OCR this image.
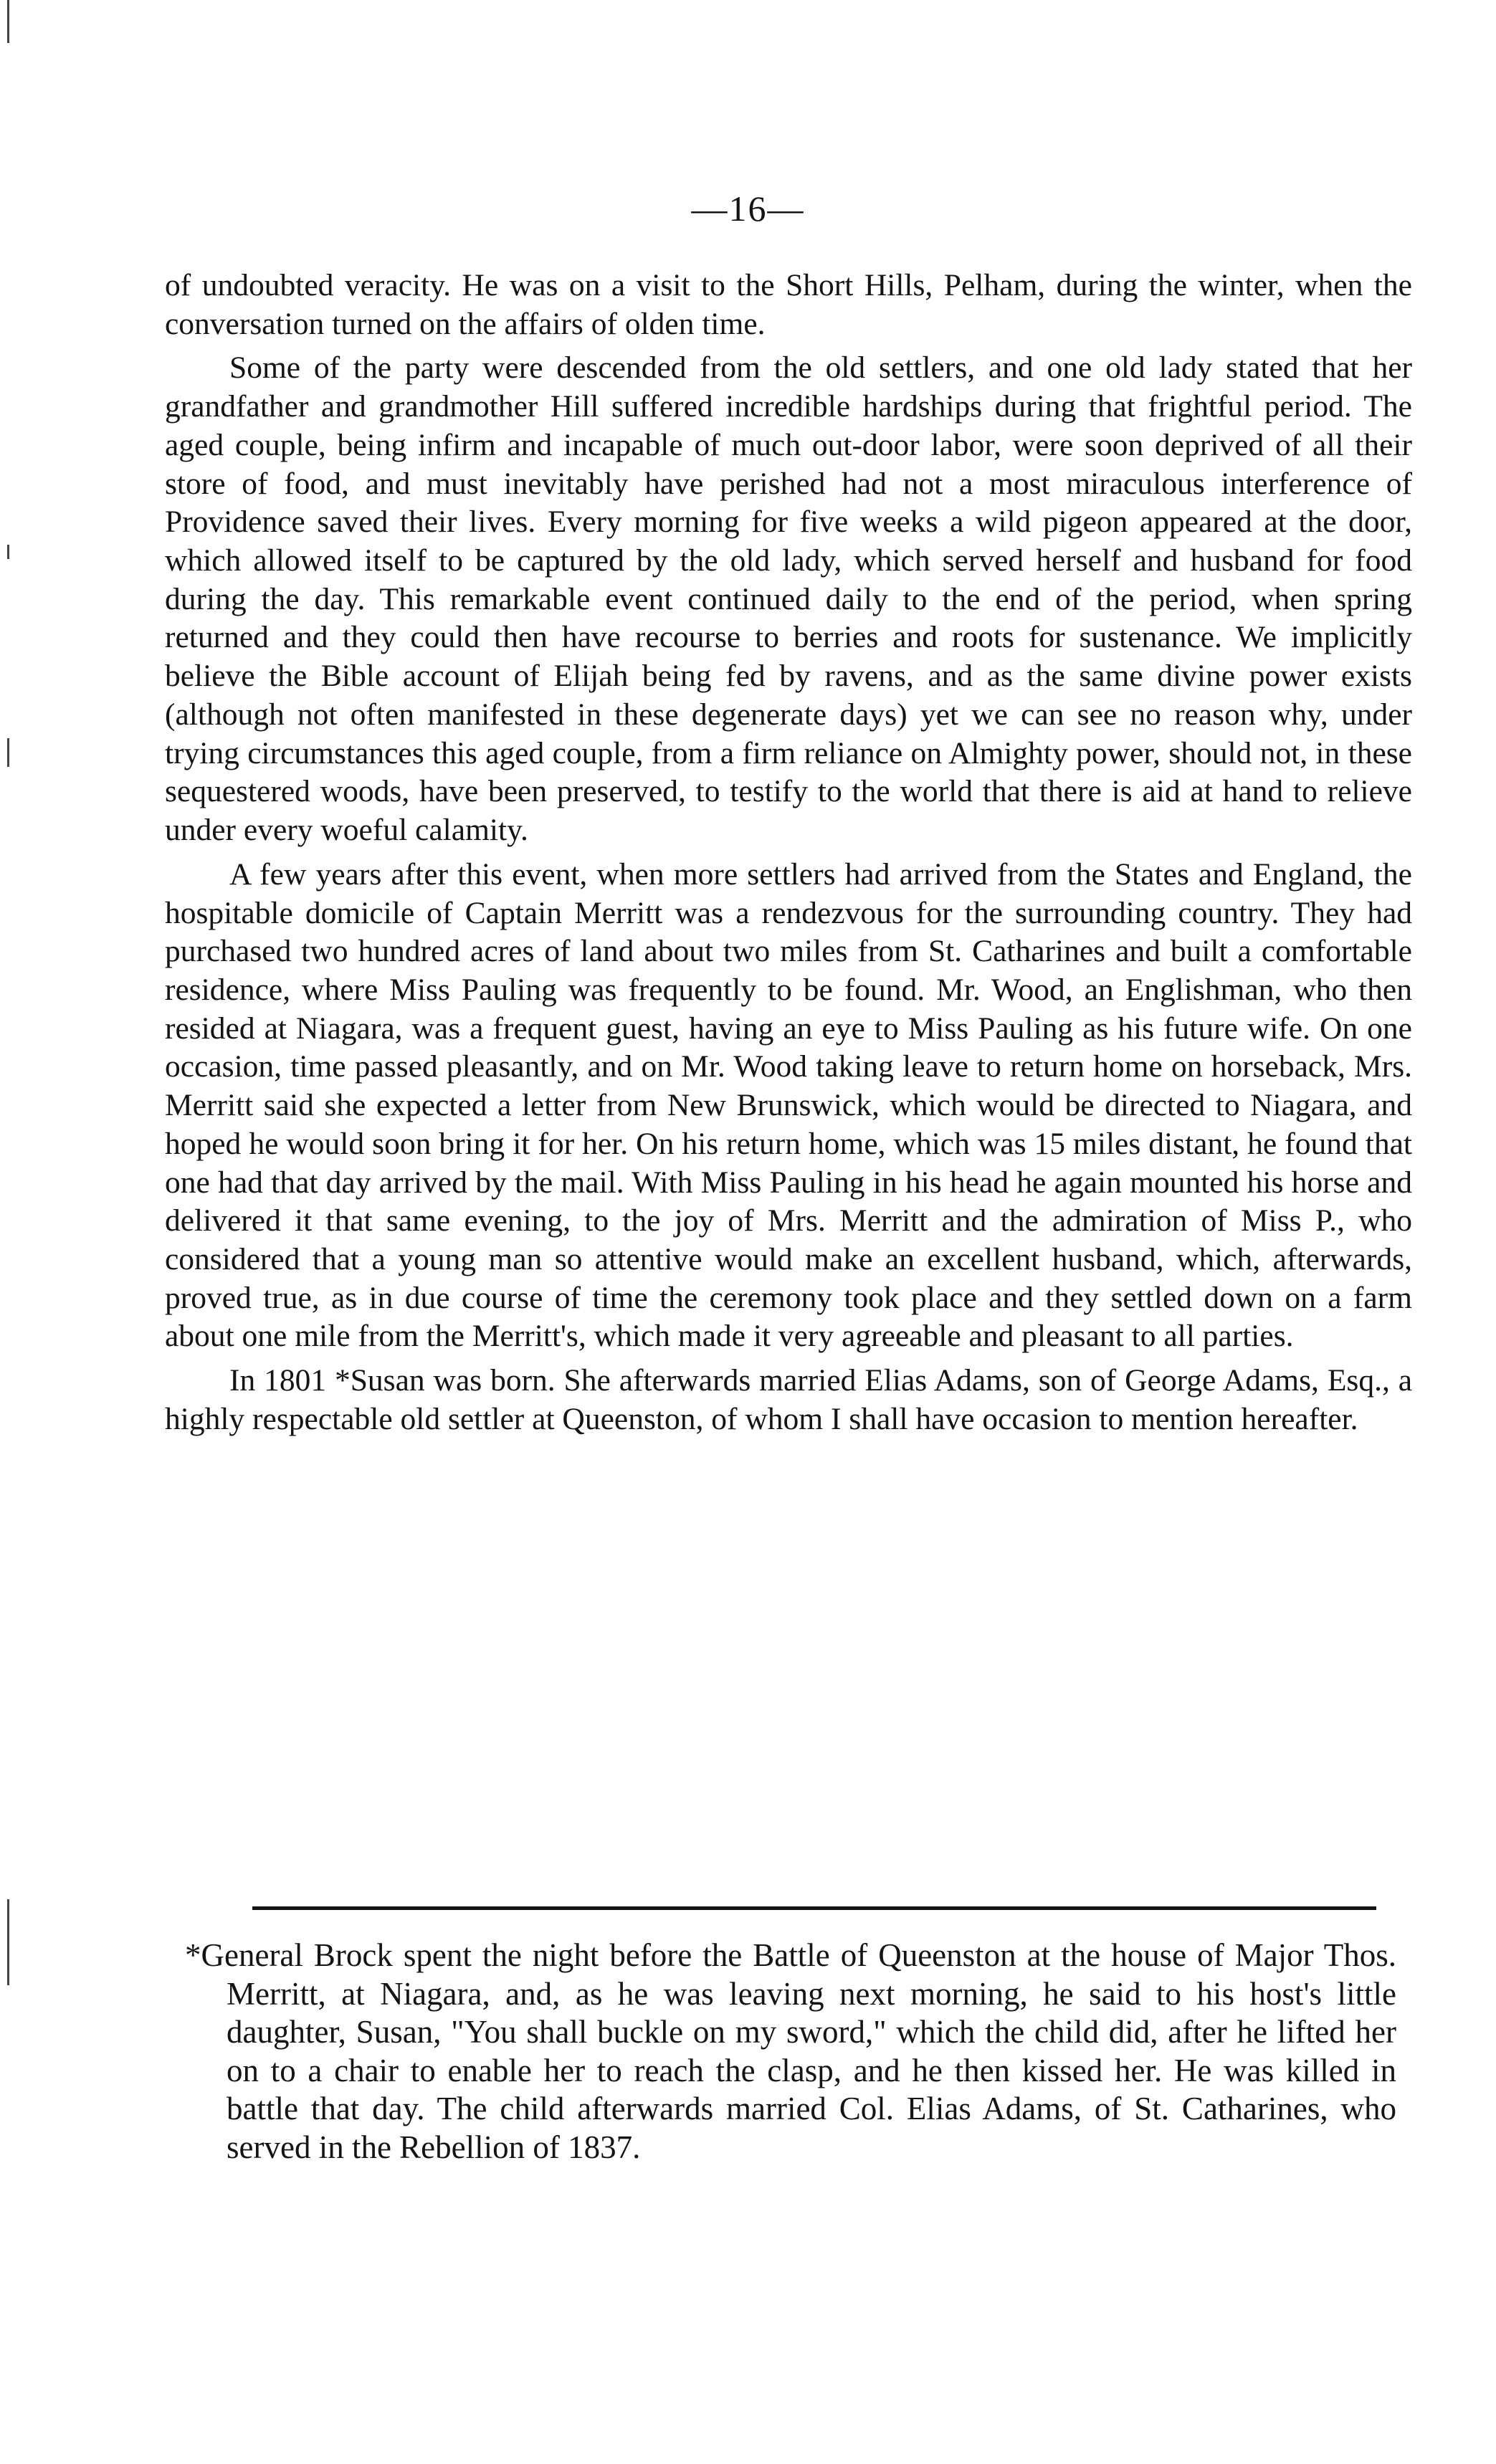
—16—

of undoubted veracity. He was on a visit to the Short Hills, Pelham, during the winter, when the conversation turned on the affairs of olden time.

Some of the party were descended from the old settlers, and one old lady stated that her grandfather and grandmother Hill suffered incredible hardships during that frightful period. The aged couple, being infirm and incapable of much out-door labor, were soon deprived of all their store of food, and must inevitably have perished had not a most miraculous interference of Providence saved their lives. Every morning for five weeks a wild pigeon appeared at the door, which allowed itself to be captured by the old lady, which served herself and husband for food during the day. This remarkable event continued daily to the end of the period, when spring returned and they could then have recourse to berries and roots for sustenance. We implicitly believe the Bible account of Elijah being fed by ravens, and as the same divine power exists (although not often manifested in these degenerate days) yet we can see no reason why, under trying circumstances this aged couple, from a firm reliance on Almighty power, should not, in these sequestered woods, have been preserved, to testify to the world that there is aid at hand to relieve under every woeful calamity.

A few years after this event, when more settlers had arrived from the States and England, the hospitable domicile of Captain Merritt was a rendezvous for the surrounding country. They had purchased two hundred acres of land about two miles from St. Catharines and built a comfortable residence, where Miss Pauling was frequently to be found. Mr. Wood, an Englishman, who then resided at Niagara, was a frequent guest, having an eye to Miss Pauling as his future wife. On one occasion, time passed pleasantly, and on Mr. Wood taking leave to return home on horseback, Mrs. Merritt said she expected a letter from New Brunswick, which would be directed to Niagara, and hoped he would soon bring it for her. On his return home, which was 15 miles distant, he found that one had that day arrived by the mail. With Miss Pauling in his head he again mounted his horse and delivered it that same evening, to the joy of Mrs. Merritt and the admiration of Miss P., who considered that a young man so attentive would make an excellent husband, which, afterwards, proved true, as in due course of time the ceremony took place and they settled down on a farm about one mile from the Merritt's, which made it very agreeable and pleasant to all parties.

In 1801 *Susan was born. She afterwards married Elias Adams, son of George Adams, Esq., a highly respectable old settler at Queenston, of whom I shall have occasion to mention hereafter.

*General Brock spent the night before the Battle of Queenston at the house of Major Thos. Merritt, at Niagara, and, as he was leaving next morning, he said to his host's little daughter, Susan, "You shall buckle on my sword," which the child did, after he lifted her on to a chair to enable her to reach the clasp, and he then kissed her. He was killed in battle that day. The child afterwards married Col. Elias Adams, of St. Catharines, who served in the Rebellion of 1837.
